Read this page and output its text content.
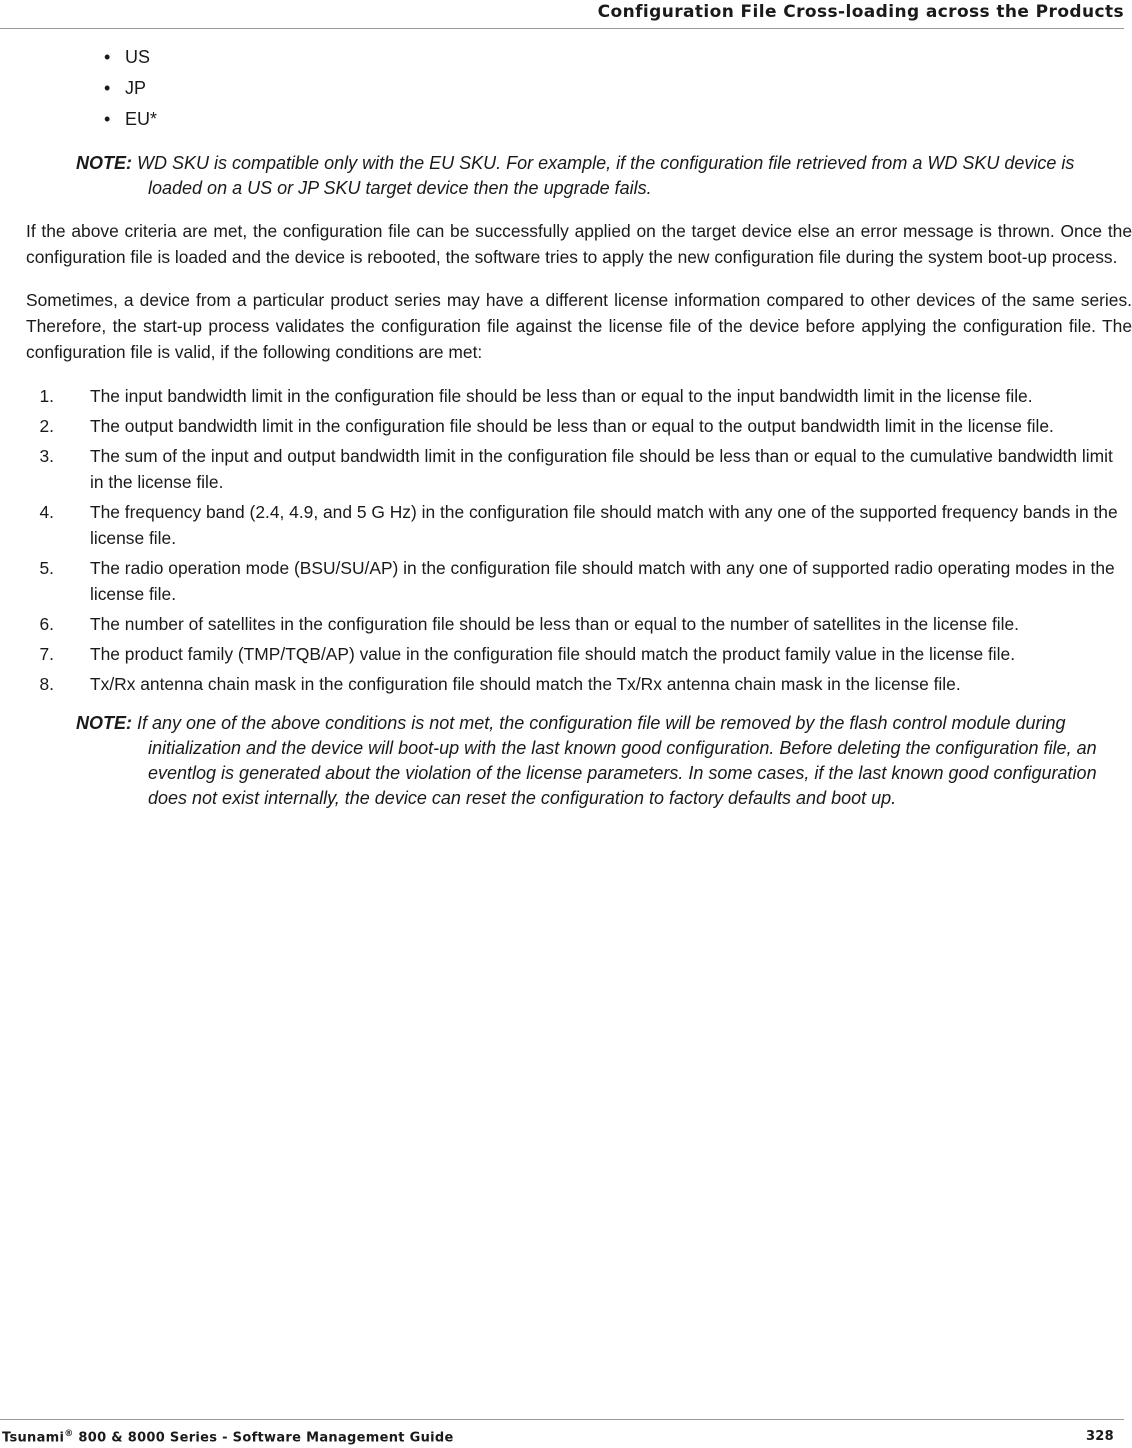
Configuration File Cross-loading across the Products
• US
• JP
• EU*
NOTE: WD SKU is compatible only with the EU SKU. For example, if the configuration file retrieved from a WD SKU device is loaded on a US or JP SKU target device then the upgrade fails.

If the above criteria are met, the configuration file can be successfully applied on the target device else an error message is thrown. Once the configuration file is loaded and the device is rebooted, the software tries to apply the new configuration file during the system boot-up process.

Sometimes, a device from a particular product series may have a different license information compared to other devices of the same series. Therefore, the start-up process validates the configuration file against the license file of the device before applying the configuration file. The configuration file is valid, if the following conditions are met:

1.	The input bandwidth limit in the configuration file should be less than or equal to the input bandwidth limit in the license file.
2.	The output bandwidth limit in the configuration file should be less than or equal to the output bandwidth limit in the license file.
3.	The sum of the input and output bandwidth limit in the configuration file should be less than or equal to the cumulative bandwidth limit in the license file.
4.	The frequency band (2.4, 4.9, and 5 G Hz) in the configuration file should match with any one of the supported frequency bands in the license file.
5.	The radio operation mode (BSU/SU/AP) in the configuration file should match with any one of supported radio operating modes in the license file.
6.	The number of satellites in the configuration file should be less than or equal to the number of satellites in the license file.
7.	The product family (TMP/TQB/AP) value in the configuration file should match the product family value in the license file.
8.	Tx/Rx antenna chain mask in the configuration file should match the Tx/Rx antenna chain mask in the license file.
NOTE: If any one of the above conditions is not met, the configuration file will be removed by the flash control module during initialization and the device will boot-up with the last known good configuration. Before deleting the configuration file, an eventlog is generated about the violation of the license parameters. In some cases, if the last known good configuration does not exist internally, the device can reset the configuration to factory defaults and boot up.
Tsunami® 800 & 8000 Series - Software Management Guide	328
